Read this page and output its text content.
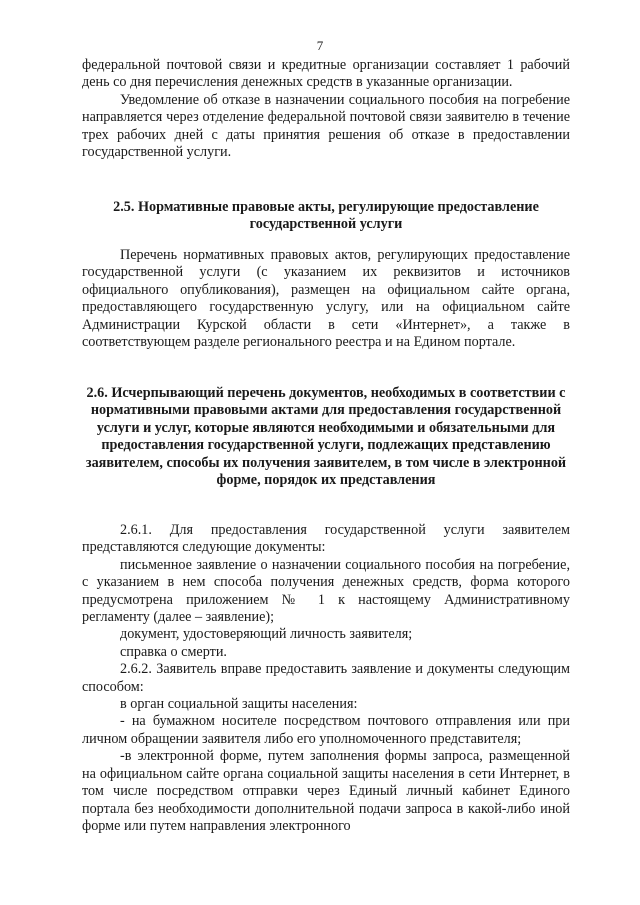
7

федеральной почтовой связи и кредитные организации составляет 1 рабочий день со дня перечисления денежных средств в указанные организации.

Уведомление об отказе в назначении социального пособия на погребение направляется через отделение федеральной почтовой связи заявителю в течение трех рабочих дней с даты принятия решения об отказе в предоставлении государственной услуги.

2.5. Нормативные правовые акты, регулирующие предоставление государственной услуги

Перечень нормативных правовых актов, регулирующих предоставление государственной услуги (с указанием их реквизитов и источников официального опубликования), размещен на официальном сайте органа, предоставляющего государственную услугу, или на официальном сайте Администрации Курской области в сети «Интернет», а также в соответствующем разделе регионального реестра и на Едином портале.

2.6. Исчерпывающий перечень документов, необходимых в соответствии с нормативными правовыми актами для предоставления государственной услуги и услуг, которые являются необходимыми и обязательными для предоставления государственной услуги, подлежащих представлению заявителем, способы их получения заявителем, в том числе в электронной форме, порядок их представления

2.6.1. Для предоставления государственной услуги заявителем представляются следующие документы:

письменное заявление о назначении социального пособия на погребение, с указанием в нем способа получения денежных средств, форма которого предусмотрена приложением № 1 к настоящему Административному регламенту (далее – заявление);

документ, удостоверяющий личность заявителя;

справка о смерти.

2.6.2. Заявитель вправе предоставить заявление и документы следующим способом:

в орган социальной защиты населения:

- на бумажном носителе посредством почтового отправления или при личном обращении заявителя либо его уполномоченного представителя;

-в электронной форме, путем заполнения формы запроса, размещенной на официальном сайте органа социальной защиты населения в сети Интернет, в том числе посредством отправки через Единый личный кабинет Единого портала без необходимости дополнительной подачи запроса в какой-либо иной форме или путем направления электронного
